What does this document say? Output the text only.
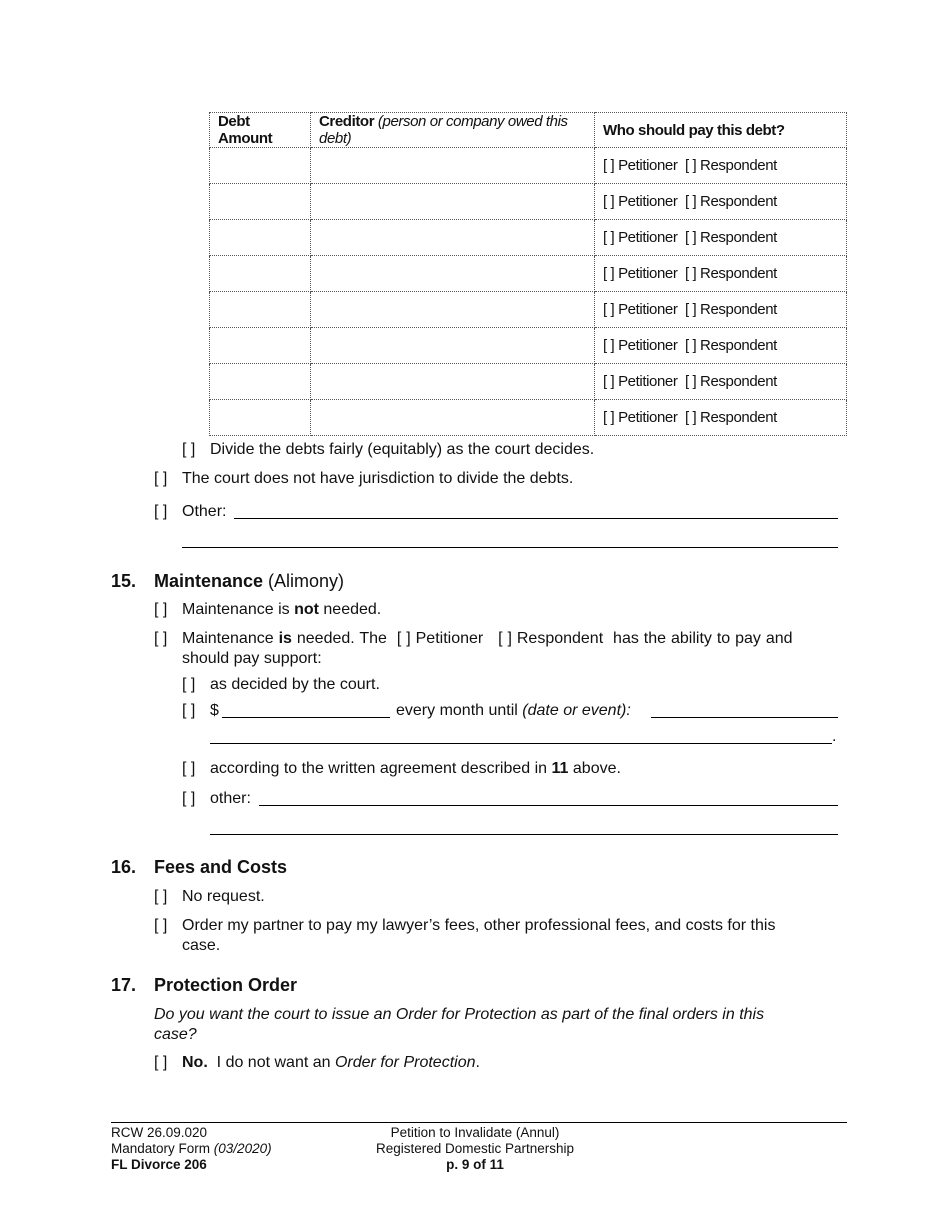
Debt Amount	Creditor (person or company owed this debt)	Who should pay this debt?
		[ ] Petitioner  [ ] Respondent
		[ ] Petitioner  [ ] Respondent
		[ ] Petitioner  [ ] Respondent
		[ ] Petitioner  [ ] Respondent
		[ ] Petitioner  [ ] Respondent
		[ ] Petitioner  [ ] Respondent
		[ ] Petitioner  [ ] Respondent
		[ ] Petitioner  [ ] Respondent
[ ] Divide the debts fairly (equitably) as the court decides.
[ ] The court does not have jurisdiction to divide the debts.
[ ] Other:
15. Maintenance (Alimony)
[ ] Maintenance is not needed.
[ ] Maintenance is needed. The [ ] Petitioner [ ] Respondent has the ability to pay and
should pay support:
[ ] as decided by the court.
[ ] $	every month until (date or event):
.
[ ] according to the written agreement described in 11 above.
[ ] other:
16. Fees and Costs
[ ] No request.
[ ] Order my partner to pay my lawyer’s fees, other professional fees, and costs for this
case.
17. Protection Order
Do you want the court to issue an Order for Protection as part of the final orders in this
case?
[ ] No. I do not want an Order for Protection.
RCW 26.09.020
Mandatory Form (03/2020)
FL Divorce 206
Petition to Invalidate (Annul)
Registered Domestic Partnership
p. 9 of 11
